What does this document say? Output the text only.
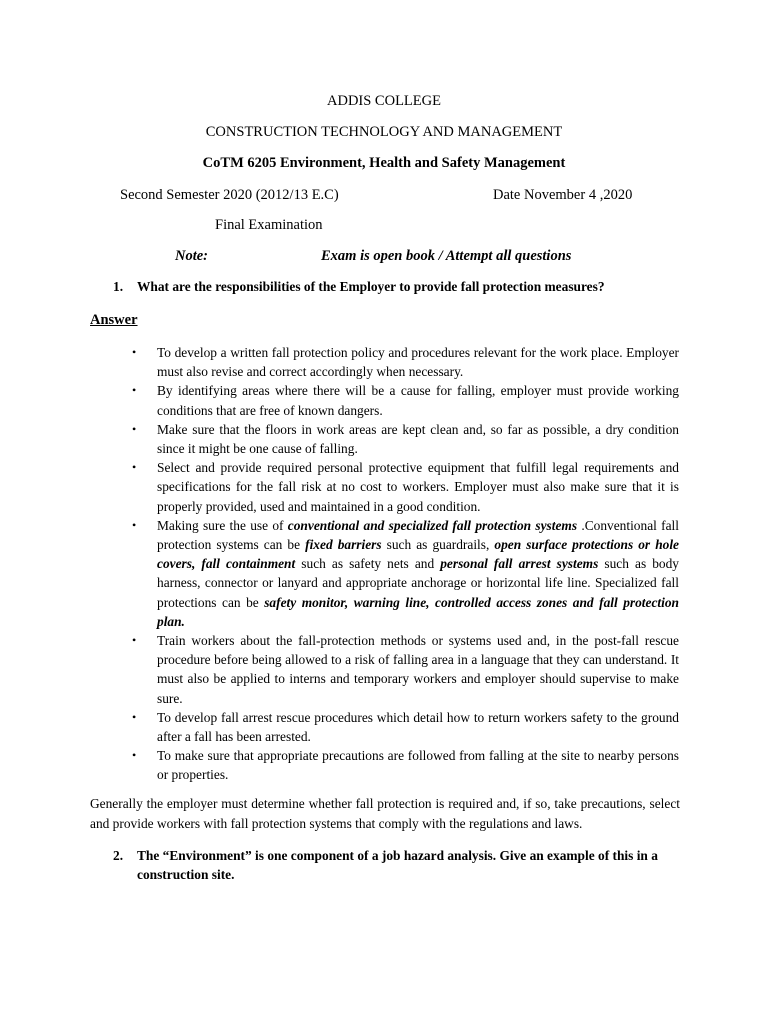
ADDIS COLLEGE
CONSTRUCTION TECHNOLOGY AND MANAGEMENT
CoTM 6205 Environment, Health and Safety Management
Second Semester 2020 (2012/13 E.C)	Date November 4 ,2020
Final Examination
Note:	Exam is open book / Attempt all questions
1. What are the responsibilities of the Employer to provide fall protection measures?
Answer
• To develop a written fall protection policy and procedures relevant for the work place. Employer must also revise and correct accordingly when necessary.
• By identifying areas where there will be a cause for falling, employer must provide working conditions that are free of known dangers.
• Make sure that the floors in work areas are kept clean and, so far as possible, a dry condition since it might be one cause of falling.
• Select and provide required personal protective equipment that fulfill legal requirements and specifications for the fall risk at no cost to workers. Employer must also make sure that it is properly provided, used and maintained in a good condition.
• Making sure the use of conventional and specialized fall protection systems .Conventional fall protection systems can be fixed barriers such as guardrails, open surface protections or hole covers, fall containment such as safety nets and personal fall arrest systems such as body harness, connector or lanyard and appropriate anchorage or horizontal life line. Specialized fall protections can be safety monitor, warning line, controlled access zones and fall protection plan.
• Train workers about the fall-protection methods or systems used and, in the post-fall rescue procedure before being allowed to a risk of falling area in a language that they can understand. It must also be applied to interns and temporary workers and employer should supervise to make sure.
• To develop fall arrest rescue procedures which detail how to return workers safety to the ground after a fall has been arrested.
• To make sure that appropriate precautions are followed from falling at the site to nearby persons or properties.
Generally the employer must determine whether fall protection is required and, if so, take precautions, select and provide workers with fall protection systems that comply with the regulations and laws.
2. The “Environment” is one component of a job hazard analysis. Give an example of this in a
construction site.
